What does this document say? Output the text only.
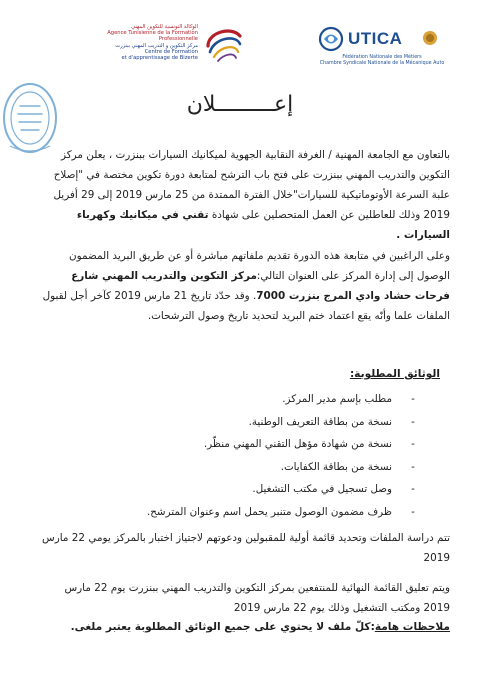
الوكالة التونسية للتكوين المهني
Agence Tunisienne de la Formation
Professionnelle
مركز التكوين و التدريب المهني ببنزرت
Centre de Formation
et d'apprentissage de Bizerte
UTICA
Fédération Nationale des Métiers
Chambre Syndicale Nationale de la Mécanique Auto
إعـــــــــلان
بالتعاون مع الجامعة المهنية / الغرفة النقابية الجهوية لميكانيك السيارات ببنزرت ، يعلن مركز التكوين والتدريب المهني ببنزرت على فتح باب الترشح لمتابعة دورة تكوين مختصة في "إصلاح علبة السرعة الأوتوماتيكية للسيارات"خلال الفترة الممتدة من 25 مارس 2019 إلى 29 أفريل 2019 وذلك للعاطلين عن العمل المتحصلين على شهادة تقني في ميكانيك وكهرباء السيارات .
وعلى الراغبين في متابعة هذه الدورة تقديم ملفاتهم مباشرة أو عن طريق البريد المضمون الوصول إلى إدارة المركز على العنوان التالي:مركز التكوين والتدريب المهني شارع فرحات حشاد وادي المرج بنزرت 7000. وقد حدّد تاريخ 21 مارس 2019 كآخر أجل لقبول الملفات علما وأنّه يقع اعتماد ختم البريد لتحديد تاريخ وصول الترشحات.
الوثائق المطلوبة:
-
مطلب بإسم مدير المركز.
-
نسخة من بطاقة التعريف الوطنية.
-
نسخة من شهادة مؤهل التقني المهني منظّر.
-
نسخة من بطاقة الكفايات.
-
وصل تسجيل في مكتب التشغيل.
-
ظرف مضمون الوصول متنبر يحمل اسم وعنوان المترشح.
تتم دراسة الملفات وتحديد قائمة أولية للمقبولين ودعوتهم لاجتياز اختبار بالمركز يومي 22 مارس 2019
ويتم تعليق القائمة النهائية للمنتفعين بمركز التكوين والتدريب المهني ببنزرت يوم 22 مارس 2019 ومكتب التشغيل وذلك يوم 22 مارس 2019
ملاحظات هامة:كلّ ملف لا يحتوي على جميع الوثائق المطلوبة يعتبر ملغى.
